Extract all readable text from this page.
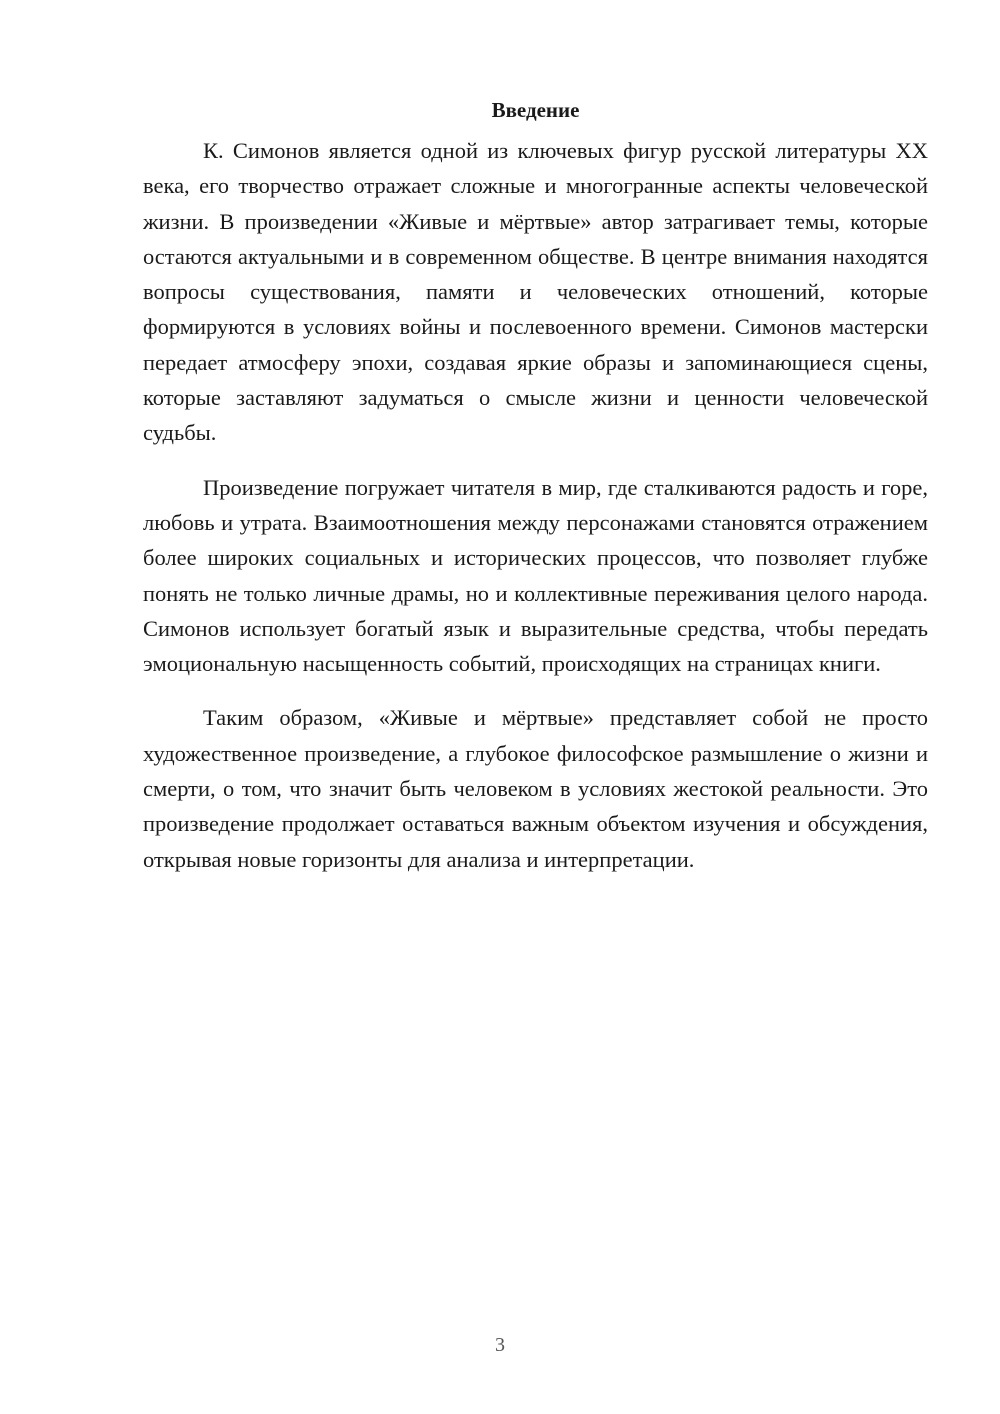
Введение

К. Симонов является одной из ключевых фигур русской литературы XX века, его творчество отражает сложные и многогранные аспекты человеческой жизни. В произведении «Живые и мёртвые» автор затрагивает темы, которые остаются актуальными и в современном обществе. В центре внимания находятся вопросы существования, памяти и человеческих отношений, которые формируются в условиях войны и послевоенного времени. Симонов мастерски передает атмосферу эпохи, создавая яркие образы и запоминающиеся сцены, которые заставляют задуматься о смысле жизни и ценности человеческой судьбы.

Произведение погружает читателя в мир, где сталкиваются радость и горе, любовь и утрата. Взаимоотношения между персонажами становятся отражением более широких социальных и исторических процессов, что позволяет глубже понять не только личные драмы, но и коллективные переживания целого народа. Симонов использует богатый язык и выразительные средства, чтобы передать эмоциональную насыщенность событий, происходящих на страницах книги.

Таким образом, «Живые и мёртвые» представляет собой не просто художественное произведение, а глубокое философское размышление о жизни и смерти, о том, что значит быть человеком в условиях жестокой реальности. Это произведение продолжает оставаться важным объектом изучения и обсуждения, открывая новые горизонты для анализа и интерпретации.

3
